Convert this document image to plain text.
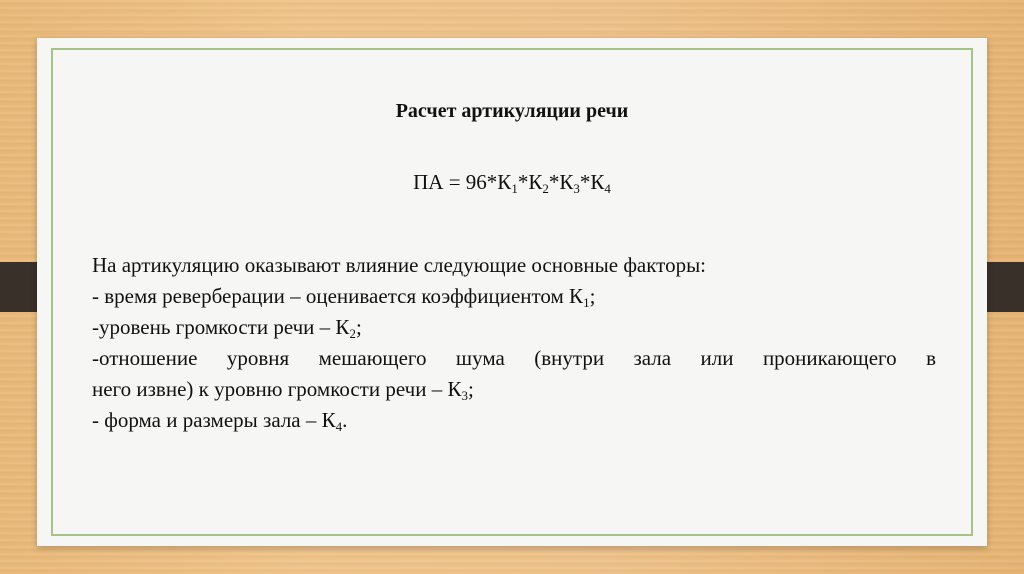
Расчет артикуляции речи
ПА = $96*К_1*К_2*К_3*К_4$
На артикуляцию оказывают влияние следующие основные факторы:
- время реверберации – оценивается коэффициентом $К_1$;
-уровень громкости речи – $К_2$;
-отношение уровня мешающего шума (внутри зала или проникающего в
него извне) к уровню громкости речи – $К_3$;
- форма и размеры зала – $К_4$.
